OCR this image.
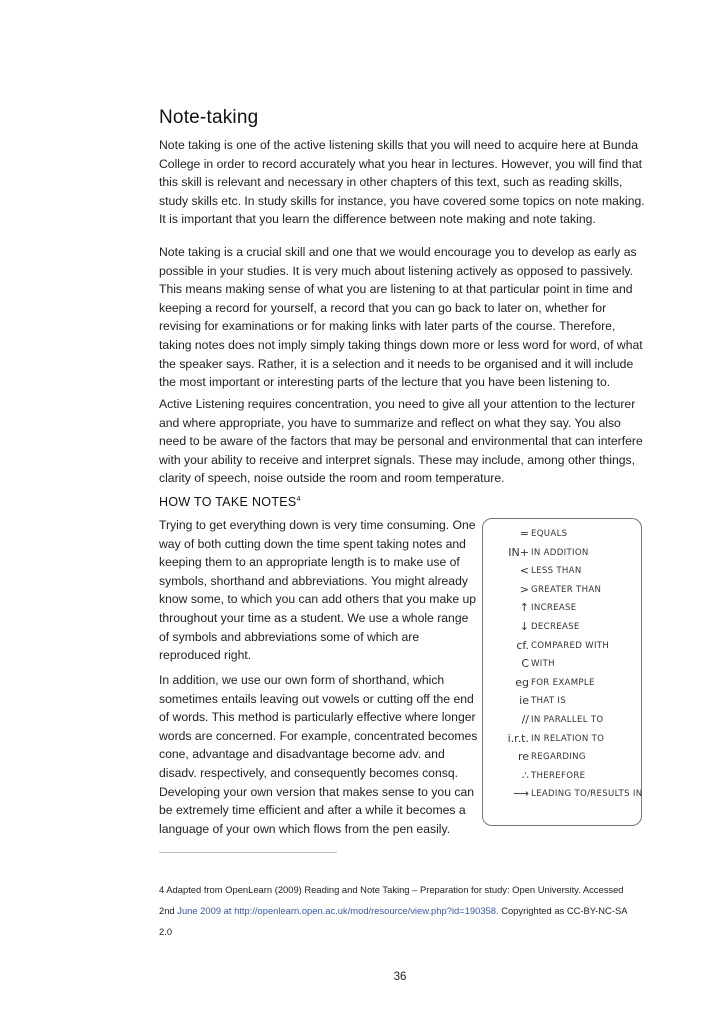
Note-taking

Note taking is one of the active listening skills that you will need to acquire here at Bunda College in order to record accurately what you hear in lectures. However, you will find that this skill is relevant and necessary in other chapters of this text, such as reading skills, study skills etc. In study skills for instance, you have covered some topics on note making. It is important that you learn the difference between note making and note taking.

Note taking is a crucial skill and one that we would encourage you to develop as early as possible in your studies. It is very much about listening actively as opposed to passively. This means making sense of what you are listening to at that particular point in time and keeping a record for yourself, a record that you can go back to later on, whether for revising for examinations or for making links with later parts of the course. Therefore, taking notes does not imply simply taking things down more or less word for word, of what the speaker says. Rather, it is a selection and it needs to be organised and it will include the most important or interesting parts of the lecture that you have been listening to.

Active Listening requires concentration, you need to give all your attention to the lecturer and where appropriate, you have to summarize and reflect on what they say. You also need to be aware of the factors that may be personal and environmental that can interfere with your ability to receive and interpret signals. These may include, among other things, clarity of speech, noise outside the room and room temperature.

HOW TO TAKE NOTES$^4$

Trying to get everything down is very time consuming. One way of both cutting down the time spent taking notes and keeping them to an appropriate length is to make use of symbols, shorthand and abbreviations. You might already know some, to which you can add others that you make up throughout your time as a student. We use a whole range of symbols and abbreviations some of which are reproduced right.

In addition, we use our own form of shorthand, which sometimes entails leaving out vowels or cutting off the end of words. This method is particularly effective where longer words are concerned. For example, concentrated becomes cone, advantage and disadvantage become adv. and disadv. respectively, and consequently becomes consq. Developing your own version that makes sense to you can be extremely time efficient and after a while it becomes a language of your own which flows from the pen easily.

= EQUALS
IN+ IN ADDITION
< LESS THAN
> GREATER THAN
↑ INCREASE
↓ DECREASE
cf. COMPARED WITH
C WITH
eg FOR EXAMPLE
ie THAT IS
// IN PARALLEL TO
i.r.t. IN RELATION TO
re REGARDING
∴ THEREFORE
⟶ LEADING TO/RESULTS IN

4 Adapted from OpenLearn (2009) Reading and Note Taking – Preparation for study: Open University. Accessed 2nd June 2009 at http://openlearn.open.ac.uk/mod/resource/view.php?id=190358. Copyrighted as CC-BY-NC-SA 2.0

36
